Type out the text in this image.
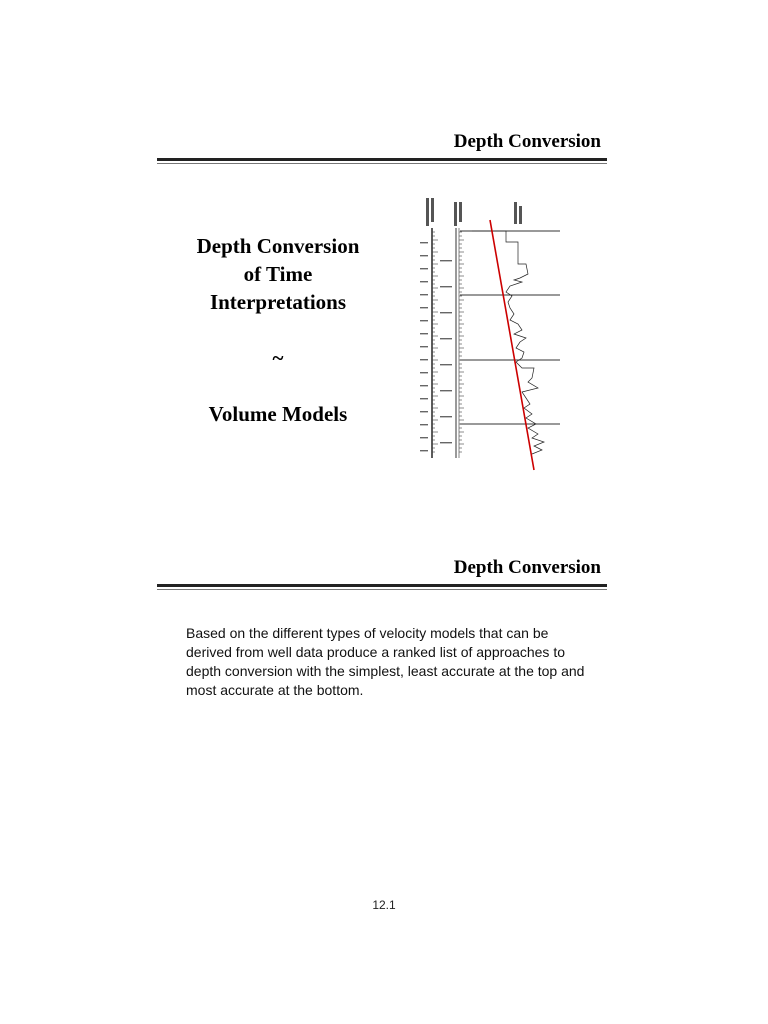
Depth Conversion
Depth Conversion
of Time
Interpretations
~
Volume Models
Depth Conversion
Based on the different types of velocity models that can be derived from well data produce a ranked list of approaches to depth conversion with the simplest, least accurate at the top and most accurate at the bottom.
12.1
